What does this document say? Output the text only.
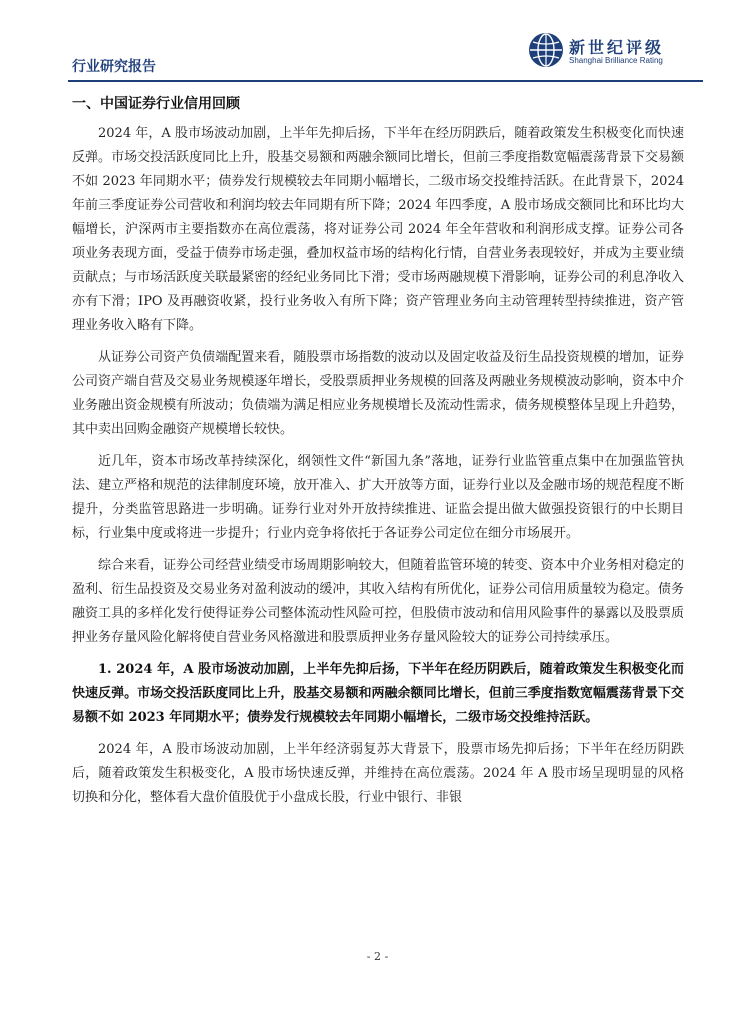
行业研究报告
新世纪评级
Shanghai Brilliance Rating
一、中国证券行业信用回顾

2024 年，A 股市场波动加剧，上半年先抑后扬，下半年在经历阴跌后，随着政策发生积极变化而快速反弹。市场交投活跃度同比上升，股基交易额和两融余额同比增长，但前三季度指数宽幅震荡背景下交易额不如 2023 年同期水平；债券发行规模较去年同期小幅增长，二级市场交投维持活跃。在此背景下，2024 年前三季度证券公司营收和利润均较去年同期有所下降；2024 年四季度，A 股市场成交额同比和环比均大幅增长，沪深两市主要指数亦在高位震荡，将对证券公司 2024 年全年营收和利润形成支撑。证券公司各项业务表现方面，受益于债券市场走强，叠加权益市场的结构化行情，自营业务表现较好，并成为主要业绩贡献点；与市场活跃度关联最紧密的经纪业务同比下滑；受市场两融规模下滑影响，证券公司的利息净收入亦有下滑；IPO 及再融资收紧，投行业务收入有所下降；资产管理业务向主动管理转型持续推进，资产管理业务收入略有下降。

从证券公司资产负债端配置来看，随股票市场指数的波动以及固定收益及衍生品投资规模的增加，证券公司资产端自营及交易业务规模逐年增长，受股票质押业务规模的回落及两融业务规模波动影响，资本中介业务融出资金规模有所波动；负债端为满足相应业务规模增长及流动性需求，债务规模整体呈现上升趋势，其中卖出回购金融资产规模增长较快。

近几年，资本市场改革持续深化，纲领性文件“新国九条”落地，证券行业监管重点集中在加强监管执法、建立严格和规范的法律制度环境，放开准入、扩大开放等方面，证券行业以及金融市场的规范程度不断提升，分类监管思路进一步明确。证券行业对外开放持续推进、证监会提出做大做强投资银行的中长期目标，行业集中度或将进一步提升；行业内竞争将依托于各证券公司定位在细分市场展开。

综合来看，证券公司经营业绩受市场周期影响较大，但随着监管环境的转变、资本中介业务相对稳定的盈利、衍生品投资及交易业务对盈利波动的缓冲，其收入结构有所优化，证券公司信用质量较为稳定。债务融资工具的多样化发行使得证券公司整体流动性风险可控，但股债市波动和信用风险事件的暴露以及股票质押业务存量风险化解将使自营业务风格激进和股票质押业务存量风险较大的证券公司持续承压。

1. 2024 年，A 股市场波动加剧，上半年先抑后扬，下半年在经历阴跌后，随着政策发生积极变化而快速反弹。市场交投活跃度同比上升，股基交易额和两融余额同比增长，但前三季度指数宽幅震荡背景下交易额不如 2023 年同期水平；债券发行规模较去年同期小幅增长，二级市场交投维持活跃。

2024 年，A 股市场波动加剧，上半年经济弱复苏大背景下，股票市场先抑后扬；下半年在经历阴跌后，随着政策发生积极变化，A 股市场快速反弹，并维持在高位震荡。2024 年 A 股市场呈现明显的风格切换和分化，整体看大盘价值股优于小盘成长股，行业中银行、非银

- 2 -
